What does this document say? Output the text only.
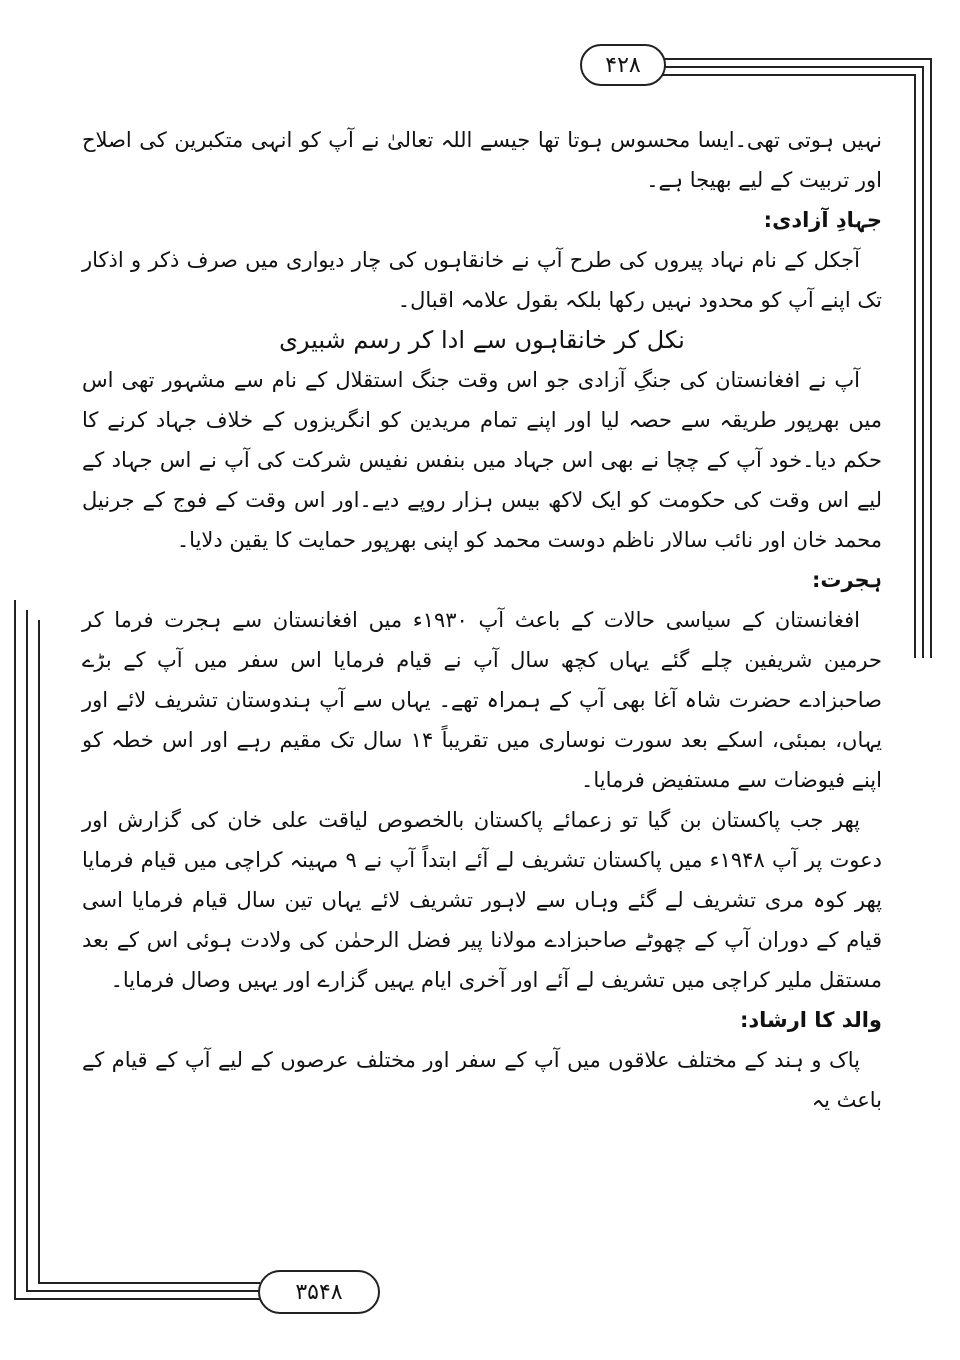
۴۲۸
۳۵۴۸

نہیں ہوتی تھی۔ایسا محسوس ہوتا تھا جیسے اللہ تعالیٰ نے آپ کو انہی متکبرین کی اصلاح اور تربیت کے لیے بھیجا ہے۔

جہادِ آزادی:

آجکل کے نام نہاد پیروں کی طرح آپ نے خانقاہوں کی چار دیواری میں صرف ذکر و اذکار تک اپنے آپ کو محدود نہیں رکھا بلکہ بقول علامہ اقبال۔

نکل کر خانقاہوں سے ادا کر رسم شبیری

آپ نے افغانستان کی جنگِ آزادی جو اس وقت جنگ استقلال کے نام سے مشہور تھی اس میں بھرپور طریقہ سے حصہ لیا اور اپنے تمام مریدین کو انگریزوں کے خلاف جہاد کرنے کا حکم دیا۔خود آپ کے چچا نے بھی اس جہاد میں بنفس نفیس شرکت کی آپ نے اس جہاد کے لیے اس وقت کی حکومت کو ایک لاکھ بیس ہزار روپے دیے۔اور اس وقت کے فوج کے جرنیل محمد خان اور نائب سالار ناظم دوست محمد کو اپنی بھرپور حمایت کا یقین دلایا۔

ہجرت:

افغانستان کے سیاسی حالات کے باعث آپ ۱۹۳۰ء میں افغانستان سے ہجرت فرما کر حرمین شریفین چلے گئے یہاں کچھ سال آپ نے قیام فرمایا اس سفر میں آپ کے بڑے صاحبزادے حضرت شاہ آغا بھی آپ کے ہمراہ تھے۔ یہاں سے آپ ہندوستان تشریف لائے اور یہاں، بمبئی، اسکے بعد سورت نوساری میں تقریباً ۱۴ سال تک مقیم رہے اور اس خطہ کو اپنے فیوضات سے مستفیض فرمایا۔

پھر جب پاکستان بن گیا تو زعمائے پاکستان بالخصوص لیاقت علی خان کی گزارش اور دعوت پر آپ ۱۹۴۸ء میں پاکستان تشریف لے آئے ابتداً آپ نے ۹ مہینہ کراچی میں قیام فرمایا پھر کوہ مری تشریف لے گئے وہاں سے لاہور تشریف لائے یہاں تین سال قیام فرمایا اسی قیام کے دوران آپ کے چھوٹے صاحبزادے مولانا پیر فضل الرحمٰن کی ولادت ہوئی اس کے بعد مستقل ملیر کراچی میں تشریف لے آئے اور آخری ایام یہیں گزارے اور یہیں وصال فرمایا۔

والد کا ارشاد:

پاک و ہند کے مختلف علاقوں میں آپ کے سفر اور مختلف عرصوں کے لیے آپ کے قیام کے باعث یہ
